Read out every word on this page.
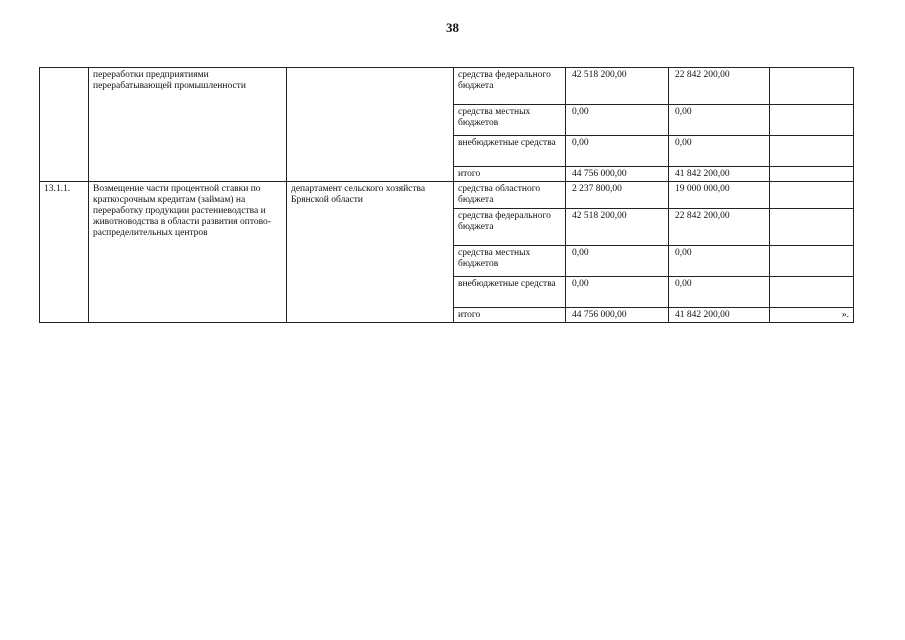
38
	переработки предприятиями перерабатывающей промышленности		средства федерального бюджета	42 518 200,00	22 842 200,00	
			средства местных бюджетов	0,00	0,00	
			внебюджетные средства	0,00	0,00	
			итого	44 756 000,00	41 842 200,00	
13.1.1.	Возмещение части процентной ставки по краткосрочным кредитам (займам) на переработку продукции растениеводства и животноводства в области развития оптово-распределительных центров	департамент сельского хозяйства Брянской области	средства областного бюджета	2 237 800,00	19 000 000,00	
			средства федерального бюджета	42 518 200,00	22 842 200,00	
			средства местных бюджетов	0,00	0,00	
			внебюджетные средства	0,00	0,00	
			итого	44 756 000,00	41 842 200,00	».
